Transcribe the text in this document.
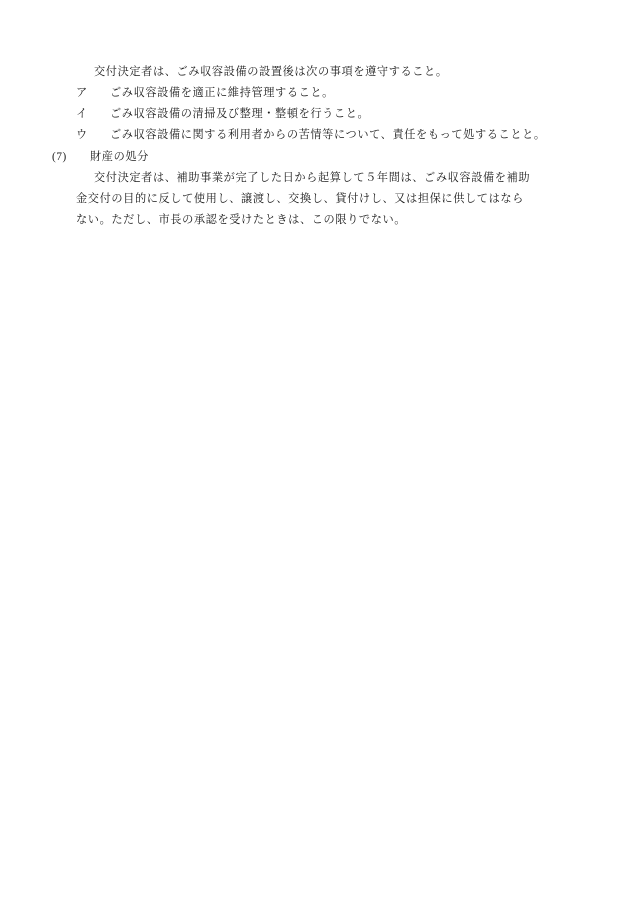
交付決定者は、ごみ収容設備の設置後は次の事項を遵守すること。

ア	ごみ収容設備を適正に維持管理すること。
イ	ごみ収容設備の清掃及び整理・整頓を行うこと。
ウ	ごみ収容設備に関する利用者からの苦情等について、責任をもって処することと。
(7)	財産の処分

交付決定者は、補助事業が完了した日から起算して５年間は、ごみ収容設備を補助

金交付の目的に反して使用し、譲渡し、交換し、貸付けし、又は担保に供してはなら

ない。ただし、市長の承認を受けたときは、この限りでない。
